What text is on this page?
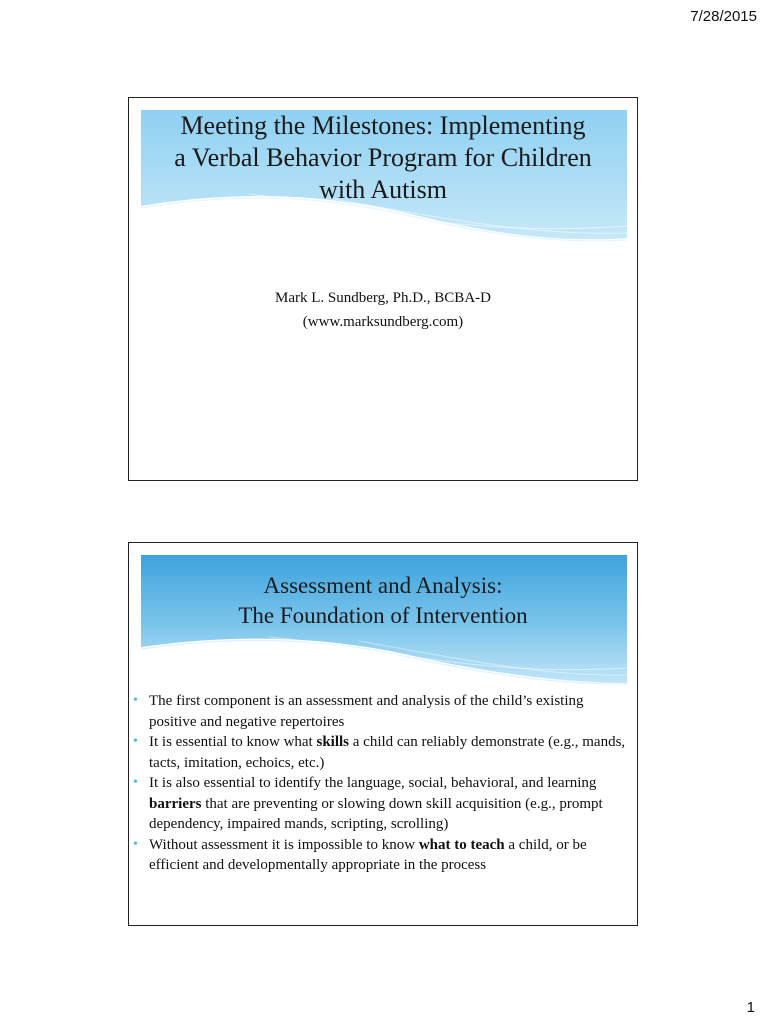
7/28/2015
Meeting the Milestones: Implementing
a Verbal Behavior Program for Children
with Autism
Mark L. Sundberg, Ph.D., BCBA-D
(www.marksundberg.com)
Assessment and Analysis:
The Foundation of Intervention
• The first component is an assessment and analysis of the child’s existing positive and negative repertoires
• It is essential to know what skills a child can reliably demonstrate (e.g., mands, tacts, imitation, echoics, etc.)
• It is also essential to identify the language, social, behavioral, and learning barriers that are preventing or slowing down skill acquisition (e.g., prompt dependency, impaired mands, scripting, scrolling)
• Without assessment it is impossible to know what to teach a child, or be efficient and developmentally appropriate in the process
1
